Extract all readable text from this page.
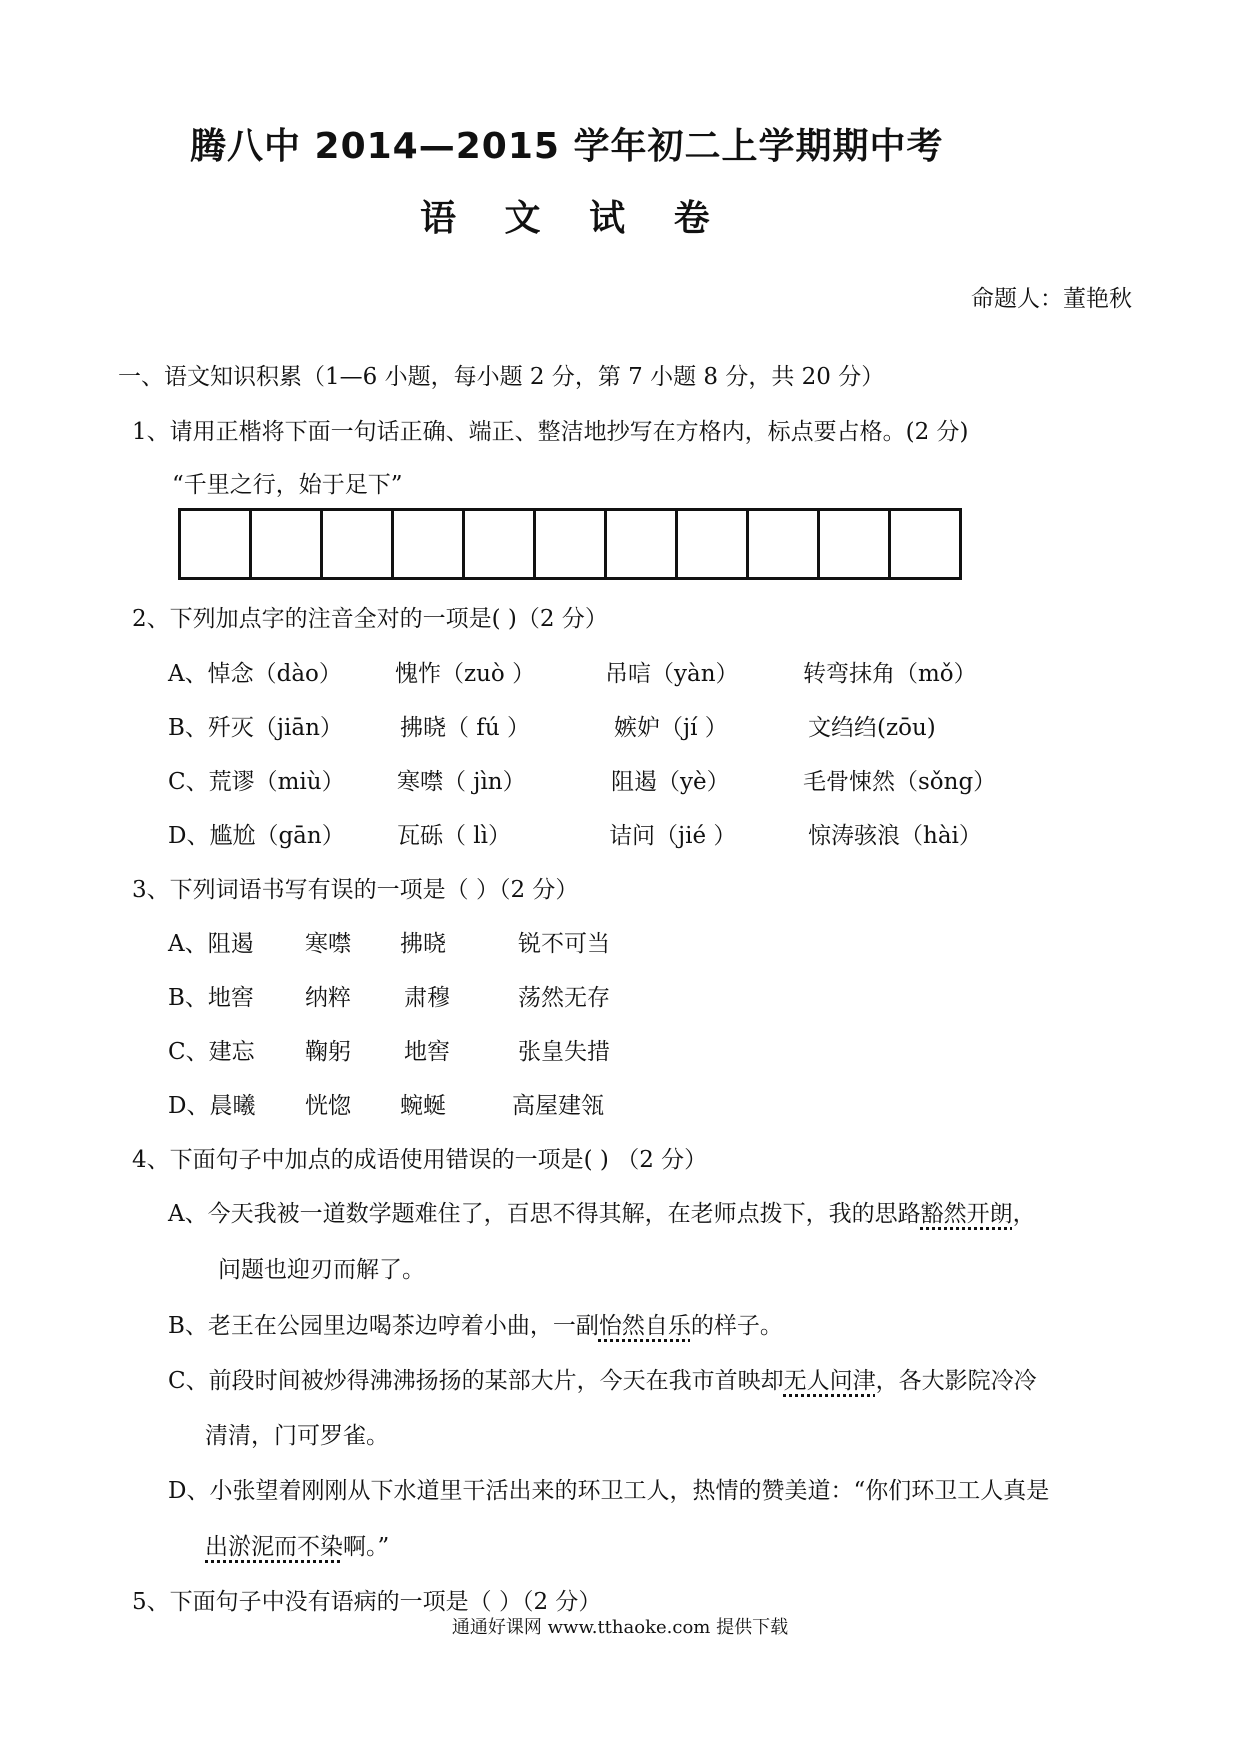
腾八中 2014—2015 学年初二上学期期中考
语 文 试 卷
命题人：董艳秋
一、语文知识积累（1—6 小题，每小题 2 分，第 7 小题 8 分，共 20 分）
1、请用正楷将下面一句话正确、端正、整洁地抄写在方格内，标点要占格。(2 分)
“千里之行，始于足下”
2、下列加点字的注音全对的一项是( )（2 分）
A、悼念（dào） 愧怍（zuò ）	吊唁（yàn）	转弯抹角（mǒ）
B、歼灭（jiān） 拂晓（ fú ）	嫉妒（jí ）	文绉绉(zōu)
C、荒谬（miù） 寒噤（ jìn）	阻遏（yè）	毛骨悚然（sǒng）
D、尴尬（gān） 瓦砾（ lì）	诘问（jié ）	惊涛骇浪（hài）
3、下列词语书写有误的一项是（ ）（2 分）
A、阻遏 寒噤 拂晓	锐不可当
B、地窖 纳粹 肃穆	荡然无存
C、建忘 鞠躬 地窖	张皇失措
D、晨曦 恍惚 蜿蜒	高屋建瓴
4、下面句子中加点的成语使用错误的一项是( ) （2 分）
A、今天我被一道数学题难住了，百思不得其解，在老师点拨下，我的思路豁然开朗，
问题也迎刃而解了。
B、老王在公园里边喝茶边哼着小曲，一副怡然自乐的样子。
C、前段时间被炒得沸沸扬扬的某部大片，今天在我市首映却无人问津，各大影院冷冷
清清，门可罗雀。
D、小张望着刚刚从下水道里干活出来的环卫工人，热情的赞美道：“你们环卫工人真是
出淤泥而不染啊。”
5、下面句子中没有语病的一项是（ ）（2 分）
通通好课网 www.tthaoke.com 提供下载
